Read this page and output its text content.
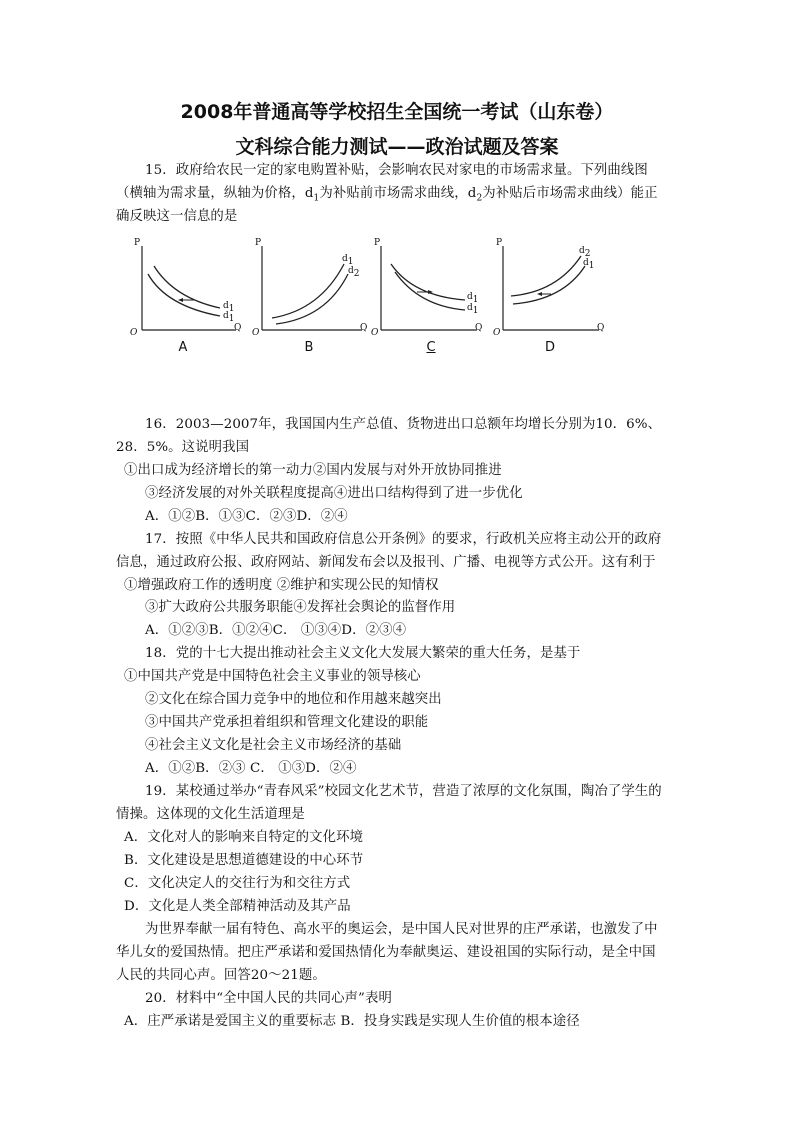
2008年普通高等学校招生全国统一考试（山东卷）
文科综合能力测试——政治试题及答案
15．政府给农民一定的家电购置补贴，会影响农民对家电的市场需求量。下列曲线图
（横轴为需求量，纵轴为价格，$d_1$为补贴前市场需求曲线，$d_2$为补贴后市场需求曲线）能正
确反映这一信息的是
P
Q
O
$d_1$
$d_1$
A
P
Q
O
$d_1$
$d_2$
B
P
Q
O
$d_1$
$d_1$
C
P
Q
O
$d_2$
$d_1$
D
16．2003—2007年，我国国内生产总值、货物进出口总额年均增长分别为10．6%、
28．5%。这说明我国
①出口成为经济增长的第一动力②国内发展与对外开放协同推进
③经济发展的对外关联程度提高④进出口结构得到了进一步优化
A．①②B．①③C．②③D．②④
17．按照《中华人民共和国政府信息公开条例》的要求，行政机关应将主动公开的政府
信息，通过政府公报、政府网站、新闻发布会以及报刊、广播、电视等方式公开。这有利于
①增强政府工作的透明度 ②维护和实现公民的知情权
③扩大政府公共服务职能④发挥社会舆论的监督作用
A．①②③B．①②④C． ①③④D．②③④
18．党的十七大提出推动社会主义文化大发展大繁荣的重大任务，是基于
①中国共产党是中国特色社会主义事业的领导核心
②文化在综合国力竞争中的地位和作用越来越突出
③中国共产党承担着组织和管理文化建设的职能
④社会主义文化是社会主义市场经济的基础
A．①②B．②③ C． ①③D．②④
19．某校通过举办“青春风采”校园文化艺术节，营造了浓厚的文化氛围，陶冶了学生的
情操。这体现的文化生活道理是
A．文化对人的影响来自特定的文化环境
B．文化建设是思想道德建设的中心环节
C．文化决定人的交往行为和交往方式
D．文化是人类全部精神活动及其产品
为世界奉献一届有特色、高水平的奥运会，是中国人民对世界的庄严承诺，也激发了中
华儿女的爱国热情。把庄严承诺和爱国热情化为奉献奥运、建设祖国的实际行动，是全中国
人民的共同心声。回答20～21题。
20．材料中“全中国人民的共同心声”表明
A．庄严承诺是爱国主义的重要标志 B．投身实践是实现人生价值的根本途径
